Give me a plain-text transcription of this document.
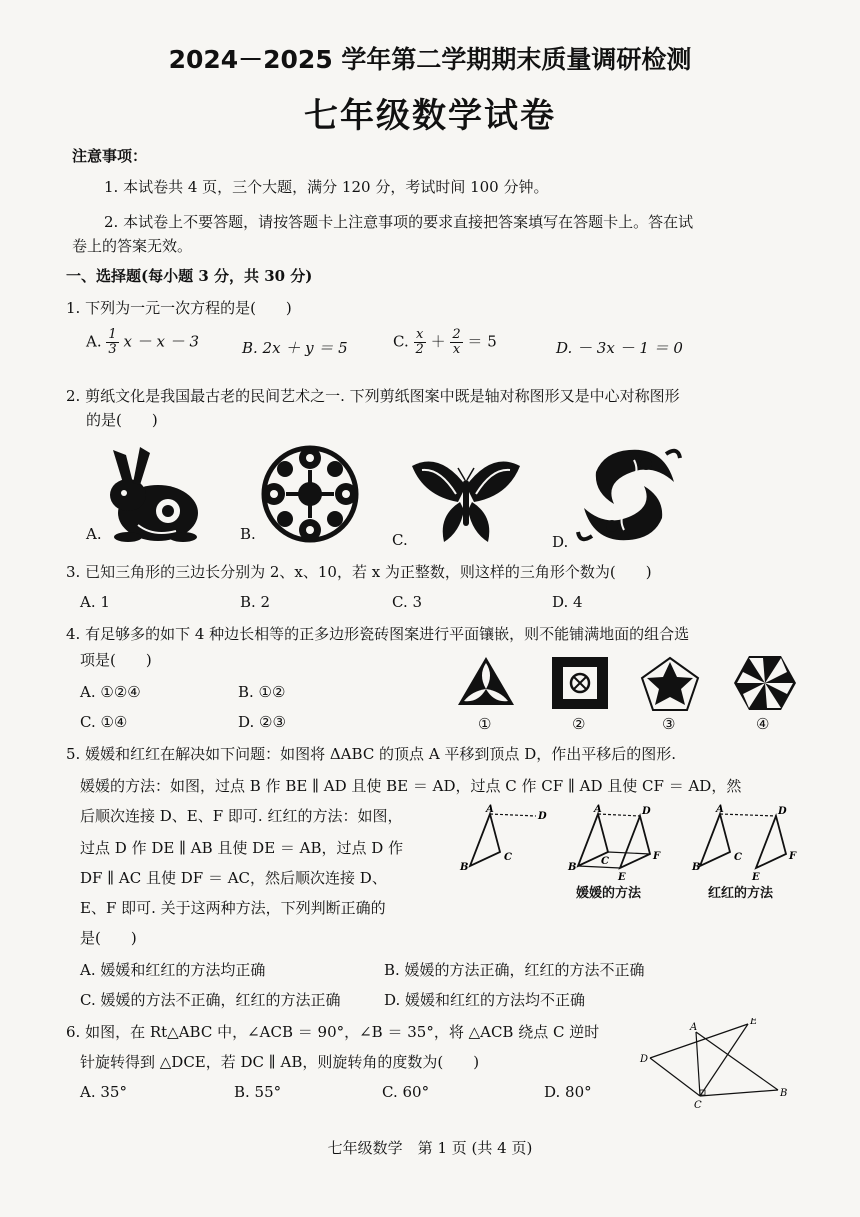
2024－2025 学年第二学期期末质量调研检测
七年级数学试卷
注意事项：
1. 本试卷共 4 页，三个大题，满分 120 分，考试时间 100 分钟。
2. 本试卷上不要答题，请按答题卡上注意事项的要求直接把答案填写在答题卡上。答在试
卷上的答案无效。
一、选择题(每小题 3 分，共 30 分)
1. 下列为一元一次方程的是(　　)
A. $\frac{1}{3}$ x － x － 3	B. 2x ＋ y ＝ 5	C. $\frac{x}{2} + \frac{2}{x} = 5$	D. － 3x － 1 ＝ 0
2. 剪纸文化是我国最古老的民间艺术之一. 下列剪纸图案中既是轴对称图形又是中心对称图形
的是(　　)
A.	B.	C.	D.
3. 已知三角形的三边长分别为 2、x、10，若 x 为正整数，则这样的三角形个数为(　　)
A. 1	B. 2	C. 3	D. 4
4. 有足够多的如下 4 种边长相等的正多边形瓷砖图案进行平面镶嵌，则不能铺满地面的组合选
项是(　　)
A. ①②④	B. ①②
C. ①④	D. ②③	①	②	③	④
5. 媛媛和红红在解决如下问题：如图将 ΔABC 的顶点 A 平移到顶点 D，作出平移后的图形.
媛媛的方法：如图，过点 B 作 BE ∥ AD 且使 BE ＝ AD，过点 C 作 CF ∥ AD 且使 CF ＝ AD，然
后顺次连接 D、E、F 即可. 红红的方法：如图，
过点 D 作 DE ∥ AB 且使 DE ＝ AB，过点 D 作
DF ∥ AC 且使 DF ＝ AC，然后顺次连接 D、
E、F 即可. 关于这两种方法，下列判断正确的
是(　　)
A
B
C
D
A
B
C
D
E
F
A
B
C
D
E
F
媛媛的方法	红红的方法
A. 媛媛和红红的方法均正确	B. 媛媛的方法正确，红红的方法不正确
C. 媛媛的方法不正确，红红的方法正确	D. 媛媛和红红的方法均不正确
6. 如图，在 Rt△ABC 中，∠ACB ＝ 90°，∠B ＝ 35°，将 △ACB 绕点 C 逆时
针旋转得到 △DCE，若 DC ∥ AB，则旋转角的度数为(　　)
A. 35°	B. 55°	C. 60°	D. 80°
A
E
D
C
B
七年级数学　第 1 页 (共 4 页)
